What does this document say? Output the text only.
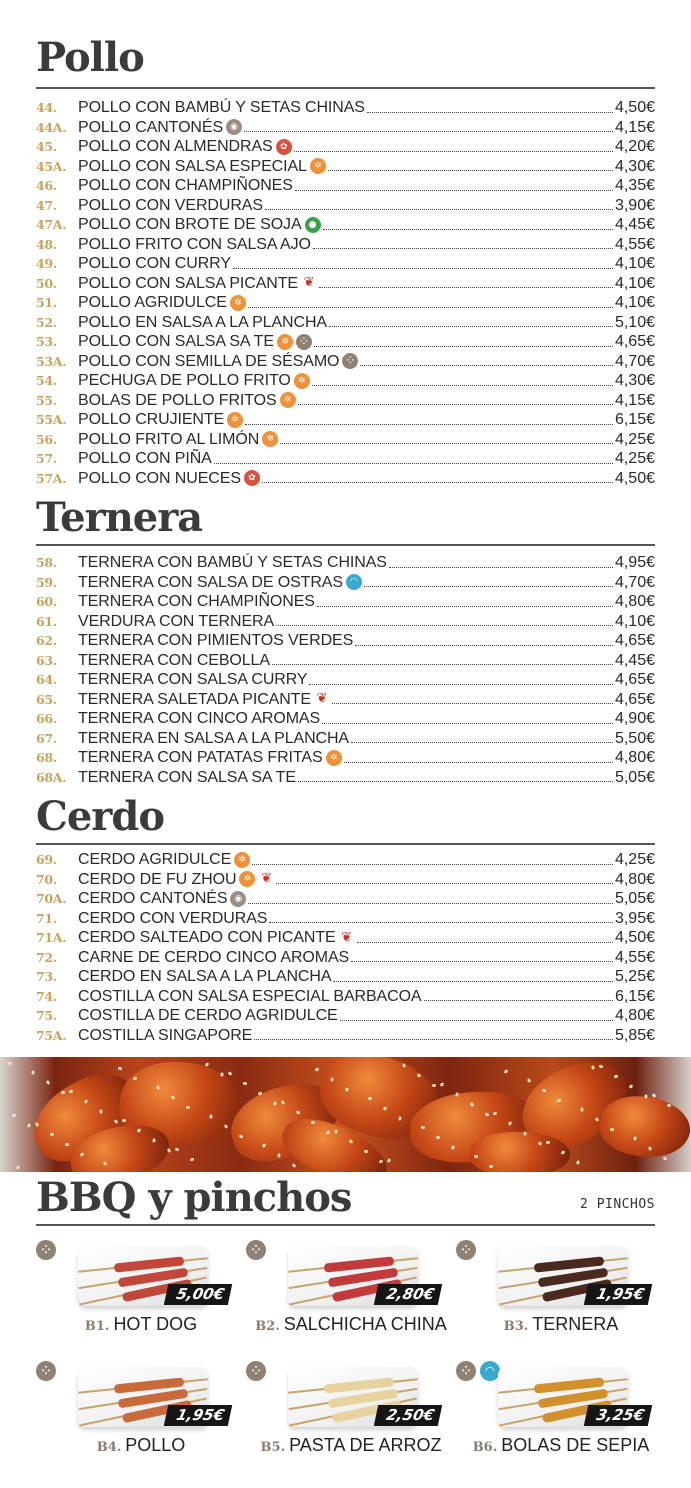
Pollo
44.	POLLO CON BAMBÚ Y SETAS CHINAS	4,50€
44A. POLLO CANTONÉS ◉	4,15€
45.	POLLO CON ALMENDRAS ✿	4,20€
45A. POLLO CON SALSA ESPECIAL ✲	4,30€
46.	POLLO CON CHAMPIÑONES	4,35€
47.	POLLO CON VERDURAS	3,90€
47A. POLLO CON BROTE DE SOJA ●	4,45€
48.	POLLO FRITO CON SALSA AJO	4,55€
49.	POLLO CON CURRY	4,10€
50.	POLLO CON SALSA PICANTE ❦	4,10€
51.	POLLO AGRIDULCE ✲	4,10€
52.	POLLO EN SALSA A LA PLANCHA	5,10€
53.	POLLO CON SALSA SA TE ✲	⁘	4,65€
53A. POLLO CON SEMILLA DE SÉSAMO ⁘	4,70€
54.	PECHUGA DE POLLO FRITO ✲	4,30€
55.	BOLAS DE POLLO FRITOS ✲	4,15€
55A. POLLO CRUJIENTE ✲	6,15€
56.	POLLO FRITO AL LIMÓN ✲	4,25€
57.	POLLO CON PIÑA	4,25€
57A. POLLO CON NUECES ✿	4,50€
Ternera
58.	TERNERA CON BAMBÚ Y SETAS CHINAS	4,95€
59.	TERNERA CON SALSA DE OSTRAS ◠	4,70€
60.	TERNERA CON CHAMPIÑONES	4,80€
61.	VERDURA CON TERNERA	4,10€
62.	TERNERA CON PIMIENTOS VERDES	4,65€
63.	TERNERA CON CEBOLLA	4,45€
64.	TERNERA CON SALSA CURRY	4,65€
65.	TERNERA SALETADA PICANTE ❦	4,65€
66.	TERNERA CON CINCO AROMAS	4,90€
67.	TERNERA EN SALSA A LA PLANCHA	5,50€
68.	TERNERA CON PATATAS FRITAS ✲	4,80€
68A. TERNERA CON SALSA SA TE	5,05€
Cerdo
69.	CERDO AGRIDULCE ✲	4,25€
70.	CERDO DE FU ZHOU ✲ ❦	4,80€
70A. CERDO CANTONÉS ◉	5,05€
71.	CERDO CON VERDURAS	3,95€
71A. CERDO SALTEADO CON PICANTE ❦	4,50€
72.	CARNE DE CERDO CINCO AROMAS	4,55€
73.	CERDO EN SALSA A LA PLANCHA	5,25€
74.	COSTILLA CON SALSA ESPECIAL BARBACOA	6,15€
75.	COSTILLA DE CERDO AGRIDULCE	4,80€
75A. COSTILLA SINGAPORE	5,85€
BBQ y pinchos	2 PINCHOS
⁘
5,00€
B1. HOT DOG
⁘
2,80€
B2. SALCHICHA CHINA
⁘
1,95€
B3. TERNERA
⁘
1,95€
B4. POLLO
⁘
2,50€
B5. PASTA DE ARROZ
⁘	◠
3,25€
B6. BOLAS DE SEPIA
